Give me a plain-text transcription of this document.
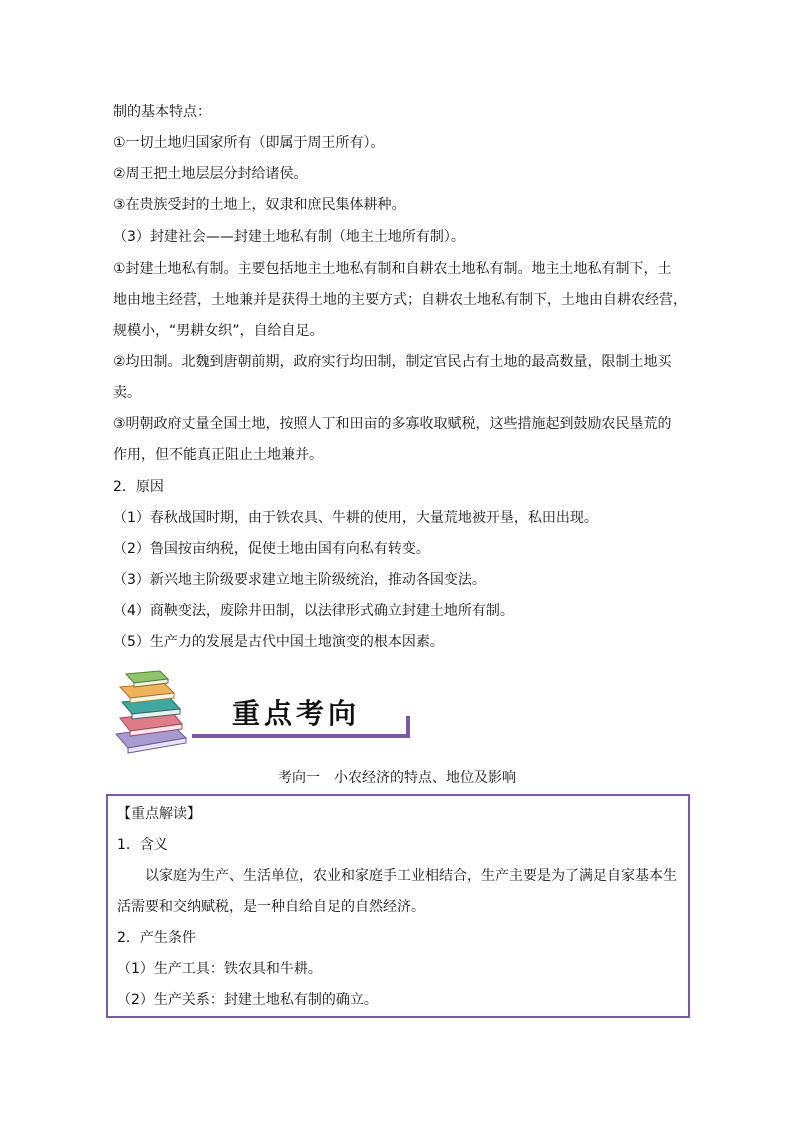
制的基本特点：
①一切土地归国家所有（即属于周王所有）。
②周王把土地层层分封给诸侯。
③在贵族受封的土地上，奴隶和庶民集体耕种。
（3）封建社会——封建土地私有制（地主土地所有制）。
①封建土地私有制。主要包括地主土地私有制和自耕农土地私有制。地主土地私有制下，土
地由地主经营，土地兼并是获得土地的主要方式；自耕农土地私有制下，土地由自耕农经营，
规模小，“男耕女织”，自给自足。
②均田制。北魏到唐朝前期，政府实行均田制，制定官民占有土地的最高数量，限制土地买
卖。
③明朝政府丈量全国土地，按照人丁和田亩的多寡收取赋税，这些措施起到鼓励农民垦荒的
作用，但不能真正阻止土地兼并。
2．原因
（1）春秋战国时期，由于铁农具、牛耕的使用，大量荒地被开垦，私田出现。
（2）鲁国按亩纳税，促使土地由国有向私有转变。
（3）新兴地主阶级要求建立地主阶级统治，推动各国变法。
（4）商鞅变法，废除井田制，以法律形式确立封建土地所有制。
（5）生产力的发展是古代中国土地演变的根本因素。
重点考向
考向一　小农经济的特点、地位及影响
【重点解读】
1．含义
　　以家庭为生产、生活单位，农业和家庭手工业相结合，生产主要是为了满足自家基本生
活需要和交纳赋税，是一种自给自足的自然经济。
2．产生条件
（1）生产工具：铁农具和牛耕。
（2）生产关系：封建土地私有制的确立。
